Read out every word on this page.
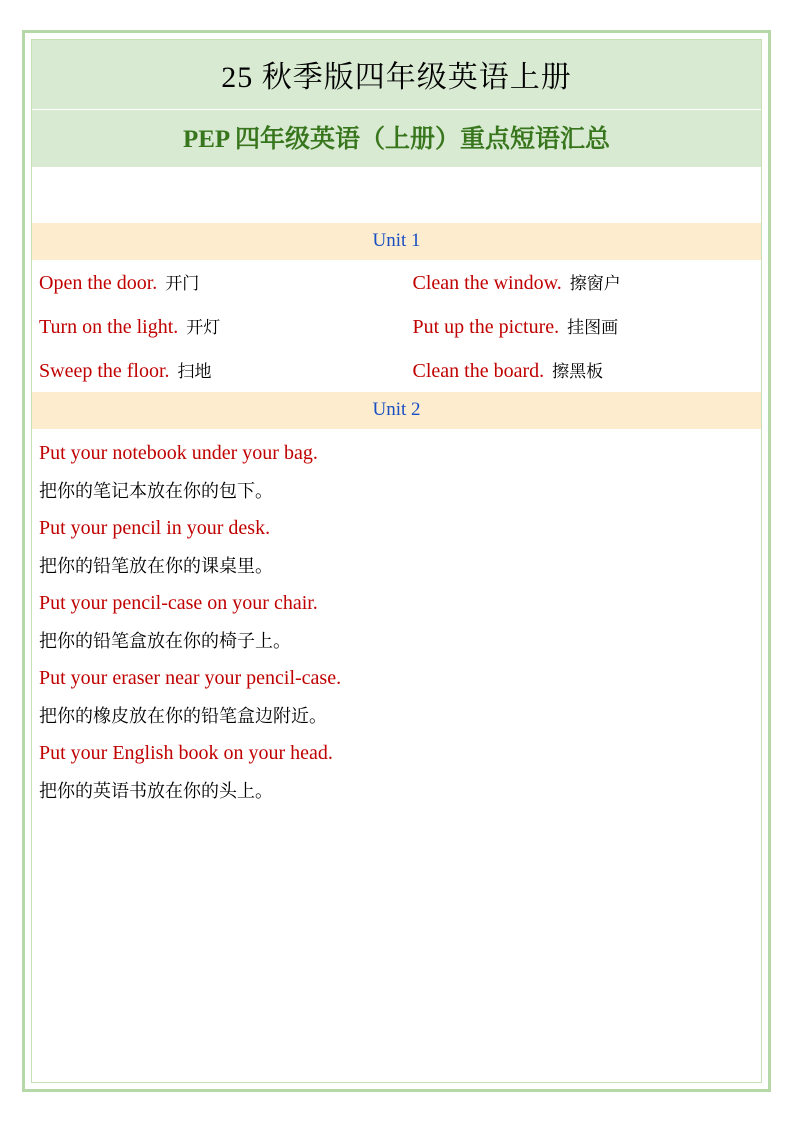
25 秋季版四年级英语上册
PEP 四年级英语（上册）重点短语汇总
Unit 1
Open the door. 开门	Clean the window. 擦窗户
Turn on the light. 开灯	Put up the picture. 挂图画
Sweep the floor. 扫地	Clean the board. 擦黑板
Unit 2
Put your notebook under your bag.
把你的笔记本放在你的包下。
Put your pencil in your desk.
把你的铅笔放在你的课桌里。
Put your pencil-case on your chair.
把你的铅笔盒放在你的椅子上。
Put your eraser near your pencil-case.
把你的橡皮放在你的铅笔盒边附近。
Put your English book on your head.
把你的英语书放在你的头上。
